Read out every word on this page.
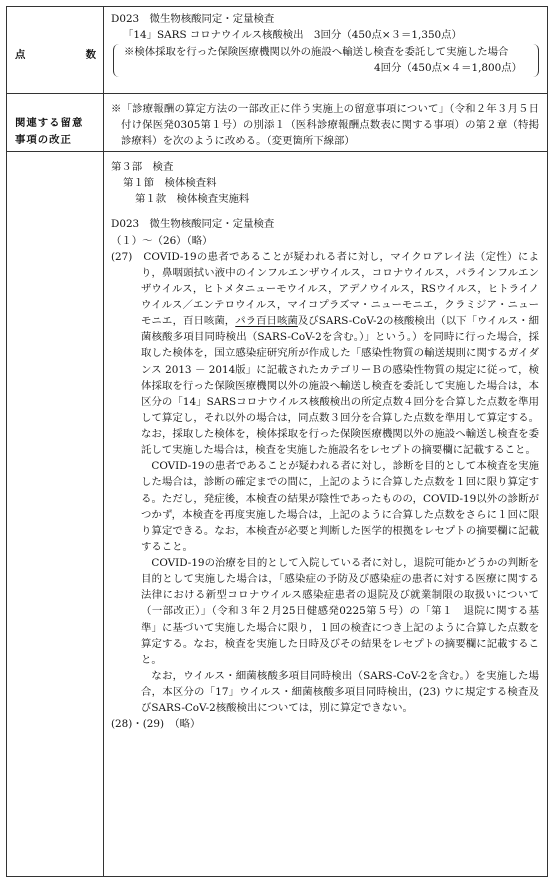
点	数
関連する留意
事項の改正

D023　微生物核酸同定・定量検査

「14」SARS コロナウイルス核酸検出　3回分（450点×３＝1,350点）

※検体採取を行った保険医療機関以外の施設へ輸送し検査を委託して実施した場合

4回分（450点×４＝1,800点）

※「診療報酬の算定方法の一部改正に伴う実施上の留意事項について」（令和２年３月５日付け保医発0305第１号）の別添１（医科診療報酬点数表に関する事項）の第２章（特掲診療料）を次のように改める。（変更箇所下線部）

第３部　検査

第１節　検体検査料

第１款　検体検査実施料

D023　微生物核酸同定・定量検査

（１）～（26）（略）

(27)　COVID-19の患者であることが疑われる者に対し，マイクロアレイ法（定性）により，鼻咽頭拭い液中のインフルエンザウイルス，コロナウイルス，パラインフルエンザウイルス，ヒトメタニューモウイルス，アデノウイルス，RSウイルス，ヒトライノウイルス／エンテロウイルス，マイコプラズマ・ニューモニエ，クラミジア・ニューモニエ，百日咳菌，パラ百日咳菌及びSARS-CoV-2の核酸検出（以下「ウイルス・細菌核酸多項目同時検出（SARS-CoV-2を含む。）」という。）を同時に行った場合，採取した検体を，国立感染症研究所が作成した「感染性物質の輸送規則に関するガイダンス 2013 － 2014版」に記載されたカテゴリーＢの感染性物質の規定に従って，検体採取を行った保険医療機関以外の施設へ輸送し検査を委託して実施した場合は，本区分の「14」SARSコロナウイルス核酸検出の所定点数４回分を合算した点数を準用して算定し，それ以外の場合は，同点数３回分を合算した点数を準用して算定する。なお，採取した検体を，検体採取を行った保険医療機関以外の施設へ輸送し検査を委託して実施した場合は，検査を実施した施設名をレセプトの摘要欄に記載すること。

COVID-19の患者であることが疑われる者に対し，診断を目的として本検査を実施した場合は，診断の確定までの間に，上記のように合算した点数を１回に限り算定する。ただし，発症後，本検査の結果が陰性であったものの，COVID-19以外の診断がつかず，本検査を再度実施した場合は，上記のように合算した点数をさらに１回に限り算定できる。なお，本検査が必要と判断した医学的根拠をレセプトの摘要欄に記載すること。

COVID-19の治療を目的として入院している者に対し，退院可能かどうかの判断を目的として実施した場合は，「感染症の予防及び感染症の患者に対する医療に関する法律における新型コロナウイルス感染症患者の退院及び就業制限の取扱いについて（一部改正）」（令和３年２月25日健感発0225第５号）の「第１　退院に関する基準」に基づいて実施した場合に限り，１回の検査につき上記のように合算した点数を算定する。なお，検査を実施した日時及びその結果をレセプトの摘要欄に記載すること。

なお，ウイルス・細菌核酸多項目同時検出（SARS-CoV-2を含む。）を実施した場合，本区分の「17」ウイルス・細菌核酸多項目同時検出，(23) ウに規定する検査及びSARS-CoV-2核酸検出については，別に算定できない。

(28)・(29)　（略）
